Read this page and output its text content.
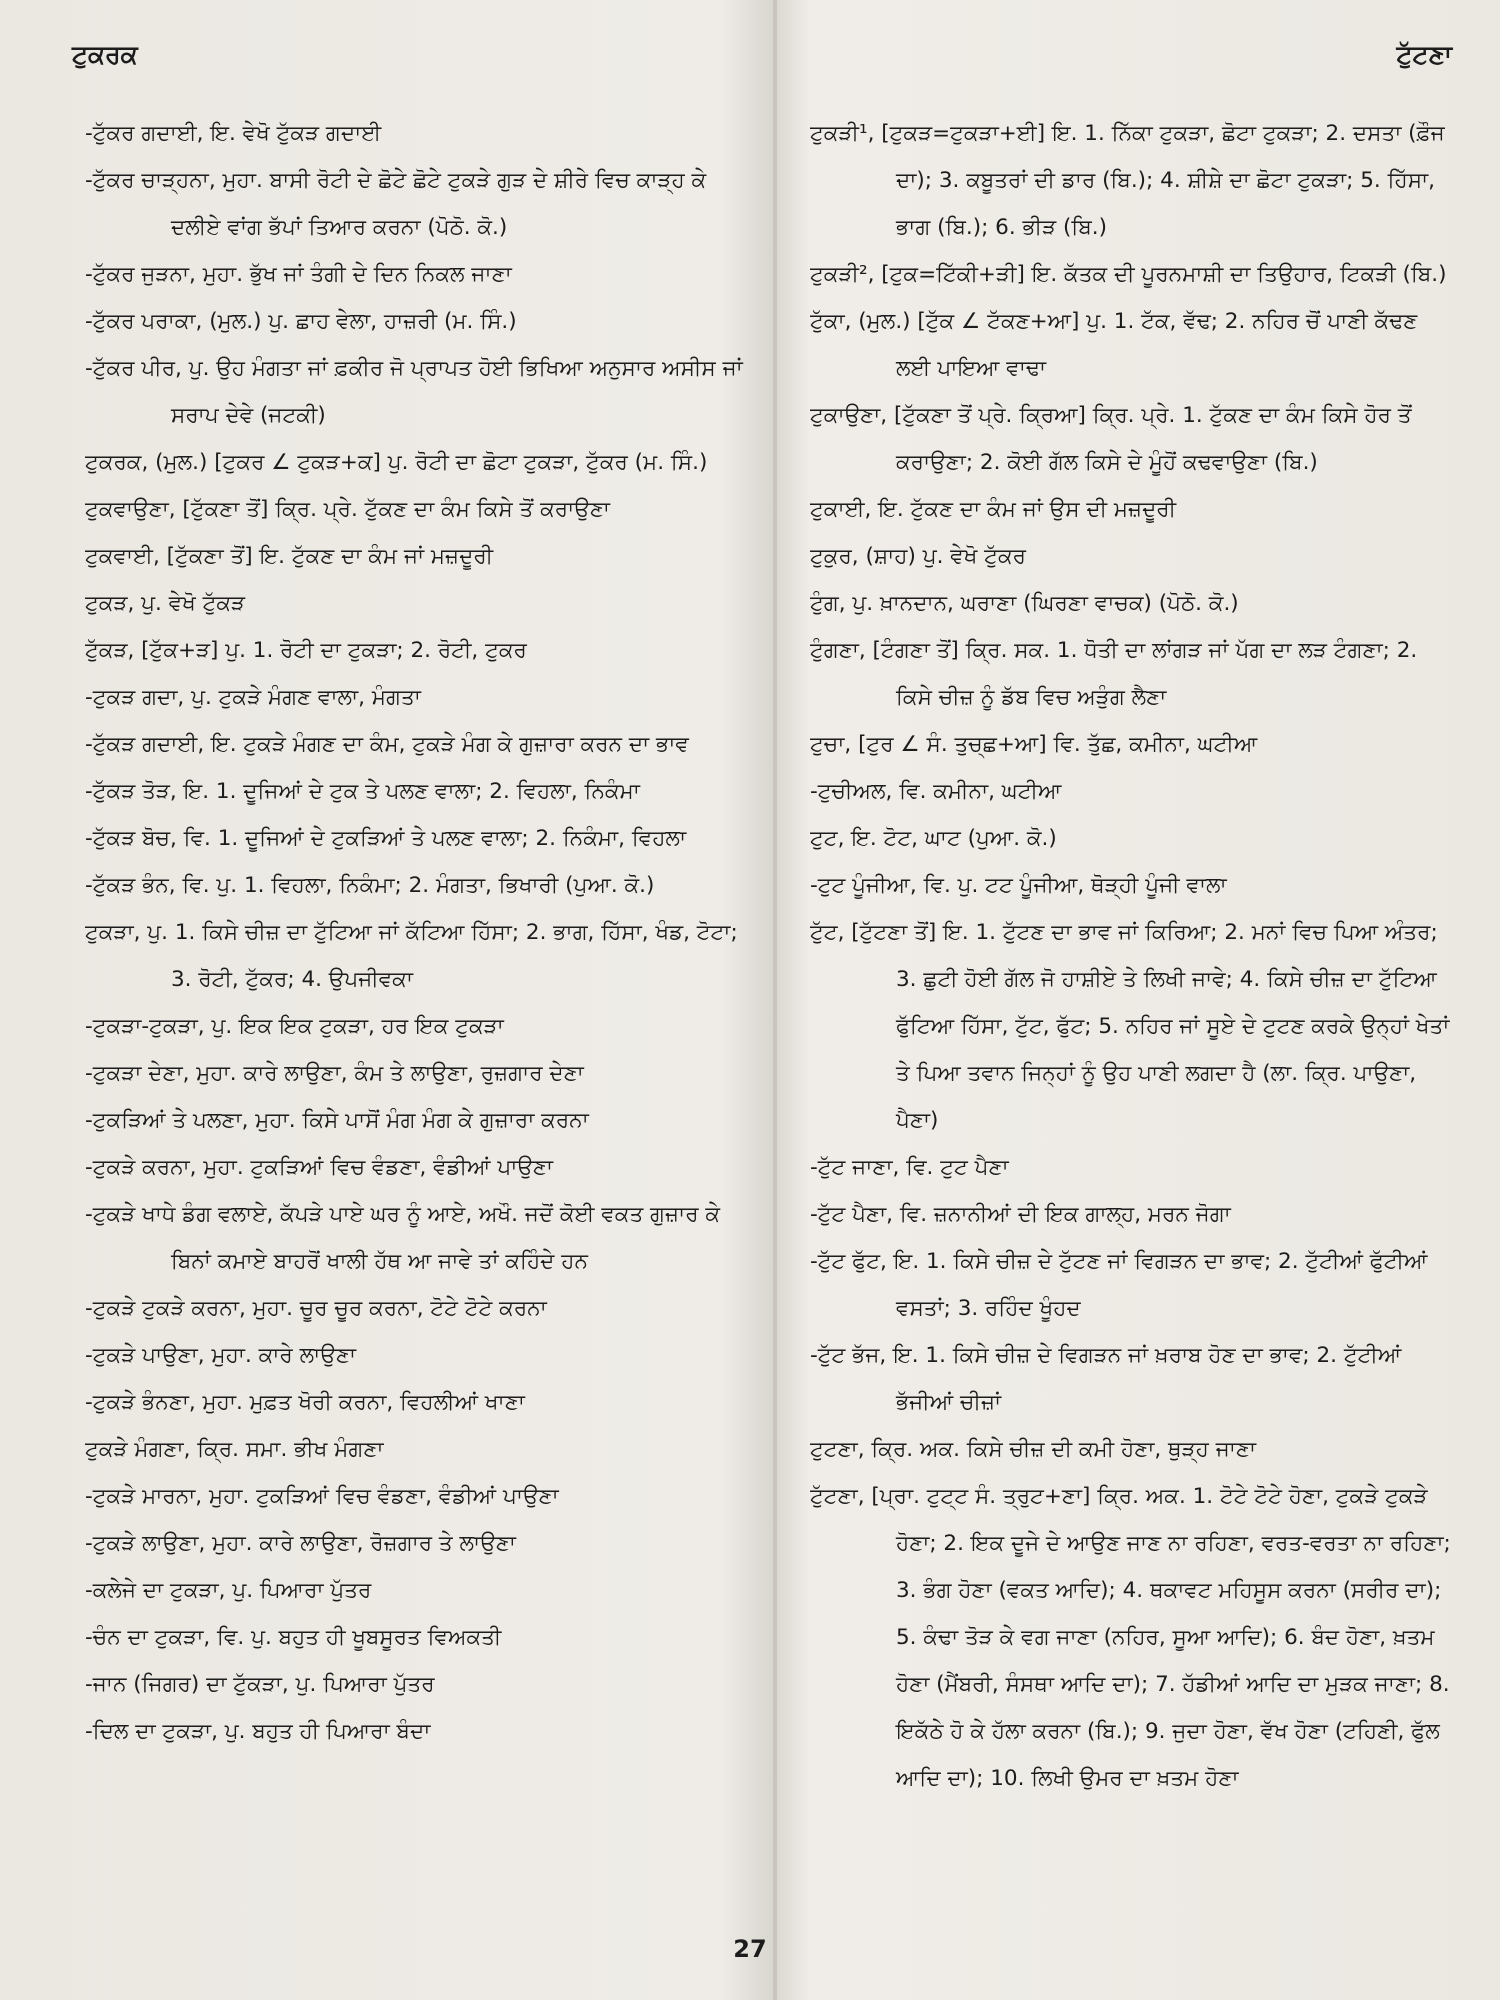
ਟੁਕਰਕ	ਟੁੱਟਣਾ
-ਟੁੱਕਰ ਗਦਾਈ, ਇ. ਵੇਖੋ ਟੁੱਕੜ ਗਦਾਈ
-ਟੁੱਕਰ ਚਾੜ੍ਹਨਾ, ਮੁਹਾ. ਬਾਸੀ ਰੋਟੀ ਦੇ ਛੋਟੇ ਛੋਟੇ ਟੁਕੜੇ ਗੁੜ ਦੇ ਸ਼ੀਰੇ ਵਿਚ ਕਾੜ੍ਹ ਕੇ ਦਲੀਏ ਵਾਂਗ ਭੱਪਾਂ ਤਿਆਰ ਕਰਨਾ (ਪੋਠੋ. ਕੋ.)
-ਟੁੱਕਰ ਜੁੜਨਾ, ਮੁਹਾ. ਭੁੱਖ ਜਾਂ ਤੰਗੀ ਦੇ ਦਿਨ ਨਿਕਲ ਜਾਣਾ
-ਟੁੱਕਰ ਪਰਾਕਾ, (ਮੁਲ.) ਪੁ. ਛਾਹ ਵੇਲਾ, ਹਾਜ਼ਰੀ (ਮ. ਸਿੰ.)
-ਟੁੱਕਰ ਪੀਰ, ਪੁ. ਉਹ ਮੰਗਤਾ ਜਾਂ ਫ਼ਕੀਰ ਜੋ ਪ੍ਰਾਪਤ ਹੋਈ ਭਿਖਿਆ ਅਨੁਸਾਰ ਅਸੀਸ ਜਾਂ ਸਰਾਪ ਦੇਵੇ (ਜਟਕੀ)
ਟੁਕਰਕ, (ਮੁਲ.) [ਟੁਕਰ ∠ ਟੁਕੜ+ਕ] ਪੁ. ਰੋਟੀ ਦਾ ਛੋਟਾ ਟੁਕੜਾ, ਟੁੱਕਰ (ਮ. ਸਿੰ.)
ਟੁਕਵਾਉਣਾ, [ਟੁੱਕਣਾ ਤੋਂ] ਕ੍ਰਿ. ਪ੍ਰੇ. ਟੁੱਕਣ ਦਾ ਕੰਮ ਕਿਸੇ ਤੋਂ ਕਰਾਉਣਾ
ਟੁਕਵਾਈ, [ਟੁੱਕਣਾ ਤੋਂ] ਇ. ਟੁੱਕਣ ਦਾ ਕੰਮ ਜਾਂ ਮਜ਼ਦੂਰੀ
ਟੁਕੜ, ਪੁ. ਵੇਖੋ ਟੁੱਕੜ
ਟੁੱਕੜ, [ਟੁੱਕ+ੜ] ਪੁ. 1. ਰੋਟੀ ਦਾ ਟੁਕੜਾ; 2. ਰੋਟੀ, ਟੁਕਰ
-ਟੁਕੜ ਗਦਾ, ਪੁ. ਟੁਕੜੇ ਮੰਗਣ ਵਾਲਾ, ਮੰਗਤਾ
-ਟੁੱਕੜ ਗਦਾਈ, ਇ. ਟੁਕੜੇ ਮੰਗਣ ਦਾ ਕੰਮ, ਟੁਕੜੇ ਮੰਗ ਕੇ ਗੁਜ਼ਾਰਾ ਕਰਨ ਦਾ ਭਾਵ
-ਟੁੱਕੜ ਤੋੜ, ਇ. 1. ਦੂਜਿਆਂ ਦੇ ਟੁਕ ਤੇ ਪਲਣ ਵਾਲਾ; 2. ਵਿਹਲਾ, ਨਿਕੰਮਾ
-ਟੁੱਕੜ ਬੋਚ, ਵਿ. 1. ਦੂਜਿਆਂ ਦੇ ਟੁਕੜਿਆਂ ਤੇ ਪਲਣ ਵਾਲਾ; 2. ਨਿਕੰਮਾ, ਵਿਹਲਾ
-ਟੁੱਕੜ ਭੰਨ, ਵਿ. ਪੁ. 1. ਵਿਹਲਾ, ਨਿਕੰਮਾ; 2. ਮੰਗਤਾ, ਭਿਖਾਰੀ (ਪੁਆ. ਕੋ.)
ਟੁਕੜਾ, ਪੁ. 1. ਕਿਸੇ ਚੀਜ਼ ਦਾ ਟੁੱਟਿਆ ਜਾਂ ਕੱਟਿਆ ਹਿੱਸਾ; 2. ਭਾਗ, ਹਿੱਸਾ, ਖੰਡ, ਟੋਟਾ; 3. ਰੋਟੀ, ਟੁੱਕਰ; 4. ਉਪਜੀਵਕਾ
-ਟੁਕੜਾ-ਟੁਕੜਾ, ਪੁ. ਇਕ ਇਕ ਟੁਕੜਾ, ਹਰ ਇਕ ਟੁਕੜਾ
-ਟੁਕੜਾ ਦੇਣਾ, ਮੁਹਾ. ਕਾਰੇ ਲਾਉਣਾ, ਕੰਮ ਤੇ ਲਾਉਣਾ, ਰੁਜ਼ਗਾਰ ਦੇਣਾ
-ਟੁਕੜਿਆਂ ਤੇ ਪਲਣਾ, ਮੁਹਾ. ਕਿਸੇ ਪਾਸੋਂ ਮੰਗ ਮੰਗ ਕੇ ਗੁਜ਼ਾਰਾ ਕਰਨਾ
-ਟੁਕੜੇ ਕਰਨਾ, ਮੁਹਾ. ਟੁਕੜਿਆਂ ਵਿਚ ਵੰਡਣਾ, ਵੰਡੀਆਂ ਪਾਉਣਾ
-ਟੁਕੜੇ ਖਾਧੇ ਡੰਗ ਵਲਾਏ, ਕੱਪੜੇ ਪਾਏ ਘਰ ਨੂੰ ਆਏ, ਅਖੌ. ਜਦੋਂ ਕੋਈ ਵਕਤ ਗੁਜ਼ਾਰ ਕੇ ਬਿਨਾਂ ਕਮਾਏ ਬਾਹਰੋਂ ਖਾਲੀ ਹੱਥ ਆ ਜਾਵੇ ਤਾਂ ਕਹਿੰਦੇ ਹਨ
-ਟੁਕੜੇ ਟੁਕੜੇ ਕਰਨਾ, ਮੁਹਾ. ਚੂਰ ਚੂਰ ਕਰਨਾ, ਟੋਟੇ ਟੋਟੇ ਕਰਨਾ
-ਟੁਕੜੇ ਪਾਉਣਾ, ਮੁਹਾ. ਕਾਰੇ ਲਾਉਣਾ
-ਟੁਕੜੇ ਭੰਨਣਾ, ਮੁਹਾ. ਮੁਫ਼ਤ ਖੋਰੀ ਕਰਨਾ, ਵਿਹਲੀਆਂ ਖਾਣਾ
ਟੁਕੜੇ ਮੰਗਣਾ, ਕ੍ਰਿ. ਸਮਾ. ਭੀਖ ਮੰਗਣਾ
-ਟੁਕੜੇ ਮਾਰਨਾ, ਮੁਹਾ. ਟੁਕੜਿਆਂ ਵਿਚ ਵੰਡਣਾ, ਵੰਡੀਆਂ ਪਾਉਣਾ
-ਟੁਕੜੇ ਲਾਉਣਾ, ਮੁਹਾ. ਕਾਰੇ ਲਾਉਣਾ, ਰੋਜ਼ਗਾਰ ਤੇ ਲਾਉਣਾ
-ਕਲੇਜੇ ਦਾ ਟੁਕੜਾ, ਪੁ. ਪਿਆਰਾ ਪੁੱਤਰ
-ਚੰਨ ਦਾ ਟੁਕੜਾ, ਵਿ. ਪੁ. ਬਹੁਤ ਹੀ ਖੂਬਸੂਰਤ ਵਿਅਕਤੀ
-ਜਾਨ (ਜਿਗਰ) ਦਾ ਟੁੱਕੜਾ, ਪੁ. ਪਿਆਰਾ ਪੁੱਤਰ
-ਦਿਲ ਦਾ ਟੁਕੜਾ, ਪੁ. ਬਹੁਤ ਹੀ ਪਿਆਰਾ ਬੰਦਾ
ਟੁਕੜੀ¹, [ਟੁਕੜ=ਟੁਕੜਾ+ਈ] ਇ. 1. ਨਿੱਕਾ ਟੁਕੜਾ, ਛੋਟਾ ਟੁਕੜਾ; 2. ਦਸਤਾ (ਫ਼ੌਜ ਦਾ); 3. ਕਬੂਤਰਾਂ ਦੀ ਡਾਰ (ਬਿ.); 4. ਸ਼ੀਸ਼ੇ ਦਾ ਛੋਟਾ ਟੁਕੜਾ; 5. ਹਿੱਸਾ, ਭਾਗ (ਬਿ.); 6. ਭੀੜ (ਬਿ.)
ਟੁਕੜੀ², [ਟੁਕ=ਟਿੱਕੀ+ੜੀ] ਇ. ਕੱਤਕ ਦੀ ਪੂਰਨਮਾਸ਼ੀ ਦਾ ਤਿਉਹਾਰ, ਟਿਕੜੀ (ਬਿ.)
ਟੁੱਕਾ, (ਮੁਲ.) [ਟੁੱਕ ∠ ਟੱਕਣ+ਆ] ਪੁ. 1. ਟੱਕ, ਵੱਢ; 2. ਨਹਿਰ ਚੋਂ ਪਾਣੀ ਕੱਢਣ ਲਈ ਪਾਇਆ ਵਾਢਾ
ਟੁਕਾਉਣਾ, [ਟੁੱਕਣਾ ਤੋਂ ਪ੍ਰੇ. ਕ੍ਰਿਆ] ਕ੍ਰਿ. ਪ੍ਰੇ. 1. ਟੁੱਕਣ ਦਾ ਕੰਮ ਕਿਸੇ ਹੋਰ ਤੋਂ ਕਰਾਉਣਾ; 2. ਕੋਈ ਗੱਲ ਕਿਸੇ ਦੇ ਮੂੰਹੋਂ ਕਢਵਾਉਣਾ (ਬਿ.)
ਟੁਕਾਈ, ਇ. ਟੁੱਕਣ ਦਾ ਕੰਮ ਜਾਂ ਉਸ ਦੀ ਮਜ਼ਦੂਰੀ
ਟੁਕੁਰ, (ਸ਼ਾਹ) ਪੁ. ਵੇਖੋ ਟੁੱਕਰ
ਟੁੰਗ, ਪੁ. ਖ਼ਾਨਦਾਨ, ਘਰਾਣਾ (ਘਿਰਣਾ ਵਾਚਕ) (ਪੋਠੋ. ਕੋ.)
ਟੁੰਗਣਾ, [ਟੰਗਣਾ ਤੋਂ] ਕ੍ਰਿ. ਸਕ. 1. ਧੋਤੀ ਦਾ ਲਾਂਗੜ ਜਾਂ ਪੱਗ ਦਾ ਲੜ ਟੰਗਣਾ; 2. ਕਿਸੇ ਚੀਜ਼ ਨੂੰ ਡੱਬ ਵਿਚ ਅੜੁੰਗ ਲੈਣਾ
ਟੁਚਾ, [ਟੁਰ ∠ ਸੰ. ਤੁਚ੍ਛ+ਆ] ਵਿ. ਤੁੱਛ, ਕਮੀਨਾ, ਘਟੀਆ
-ਟੁਚੀਅਲ, ਵਿ. ਕਮੀਨਾ, ਘਟੀਆ
ਟੁਟ, ਇ. ਟੋਟ, ਘਾਟ (ਪੁਆ. ਕੋ.)
-ਟੁਟ ਪੂੰਜੀਆ, ਵਿ. ਪੁ. ਟਟ ਪੂੰਜੀਆ, ਥੋੜ੍ਹੀ ਪੂੰਜੀ ਵਾਲਾ
ਟੁੱਟ, [ਟੁੱਟਣਾ ਤੋਂ] ਇ. 1. ਟੁੱਟਣ ਦਾ ਭਾਵ ਜਾਂ ਕਿਰਿਆ; 2. ਮਨਾਂ ਵਿਚ ਪਿਆ ਅੰਤਰ; 3. ਛੁਟੀ ਹੋਈ ਗੱਲ ਜੋ ਹਾਸ਼ੀਏ ਤੇ ਲਿਖੀ ਜਾਵੇ; 4. ਕਿਸੇ ਚੀਜ਼ ਦਾ ਟੁੱਟਿਆ ਫੁੱਟਿਆ ਹਿੱਸਾ, ਟੁੱਟ, ਫੁੱਟ; 5. ਨਹਿਰ ਜਾਂ ਸੂਏ ਦੇ ਟੁਟਣ ਕਰਕੇ ਉਨ੍ਹਾਂ ਖੇਤਾਂ ਤੇ ਪਿਆ ਤਵਾਨ ਜਿਨ੍ਹਾਂ ਨੂੰ ਉਹ ਪਾਣੀ ਲਗਦਾ ਹੈ (ਲਾ. ਕ੍ਰਿ. ਪਾਉਣਾ, ਪੈਣਾ)
-ਟੁੱਟ ਜਾਣਾ, ਵਿ. ਟੁਟ ਪੈਣਾ
-ਟੁੱਟ ਪੈਣਾ, ਵਿ. ਜ਼ਨਾਨੀਆਂ ਦੀ ਇਕ ਗਾਲ੍ਹ, ਮਰਨ ਜੋਗਾ
-ਟੁੱਟ ਫੁੱਟ, ਇ. 1. ਕਿਸੇ ਚੀਜ਼ ਦੇ ਟੁੱਟਣ ਜਾਂ ਵਿਗੜਨ ਦਾ ਭਾਵ; 2. ਟੁੱਟੀਆਂ ਫੁੱਟੀਆਂ ਵਸਤਾਂ; 3. ਰਹਿੰਦ ਖੂੰਹਦ
-ਟੁੱਟ ਭੱਜ, ਇ. 1. ਕਿਸੇ ਚੀਜ਼ ਦੇ ਵਿਗੜਨ ਜਾਂ ਖ਼ਰਾਬ ਹੋਣ ਦਾ ਭਾਵ; 2. ਟੁੱਟੀਆਂ ਭੱਜੀਆਂ ਚੀਜ਼ਾਂ
ਟੁਟਣਾ, ਕ੍ਰਿ. ਅਕ. ਕਿਸੇ ਚੀਜ਼ ਦੀ ਕਮੀ ਹੋਣਾ, ਥੁੜ੍ਹ ਜਾਣਾ
ਟੁੱਟਣਾ, [ਪ੍ਰਾ. ਟੁਟ੍ਟ ਸੰ. ਤ੍ਰੁਟ+ਣਾ] ਕ੍ਰਿ. ਅਕ. 1. ਟੋਟੇ ਟੋਟੇ ਹੋਣਾ, ਟੁਕੜੇ ਟੁਕੜੇ ਹੋਣਾ; 2. ਇਕ ਦੂਜੇ ਦੇ ਆਉਣ ਜਾਣ ਨਾ ਰਹਿਣਾ, ਵਰਤ-ਵਰਤਾ ਨਾ ਰਹਿਣਾ; 3. ਭੰਗ ਹੋਣਾ (ਵਕਤ ਆਦਿ); 4. ਥਕਾਵਟ ਮਹਿਸੂਸ ਕਰਨਾ (ਸਰੀਰ ਦਾ); 5. ਕੰਢਾ ਤੋੜ ਕੇ ਵਗ ਜਾਣਾ (ਨਹਿਰ, ਸੂਆ ਆਦਿ); 6. ਬੰਦ ਹੋਣਾ, ਖ਼ਤਮ ਹੋਣਾ (ਮੈਂਬਰੀ, ਸੰਸਥਾ ਆਦਿ ਦਾ); 7. ਹੱਡੀਆਂ ਆਦਿ ਦਾ ਮੁੜਕ ਜਾਣਾ; 8. ਇਕੱਠੇ ਹੋ ਕੇ ਹੱਲਾ ਕਰਨਾ (ਬਿ.); 9. ਜੁਦਾ ਹੋਣਾ, ਵੱਖ ਹੋਣਾ (ਟਹਿਣੀ, ਫੁੱਲ ਆਦਿ ਦਾ); 10. ਲਿਖੀ ਉਮਰ ਦਾ ਖ਼ਤਮ ਹੋਣਾ
27
